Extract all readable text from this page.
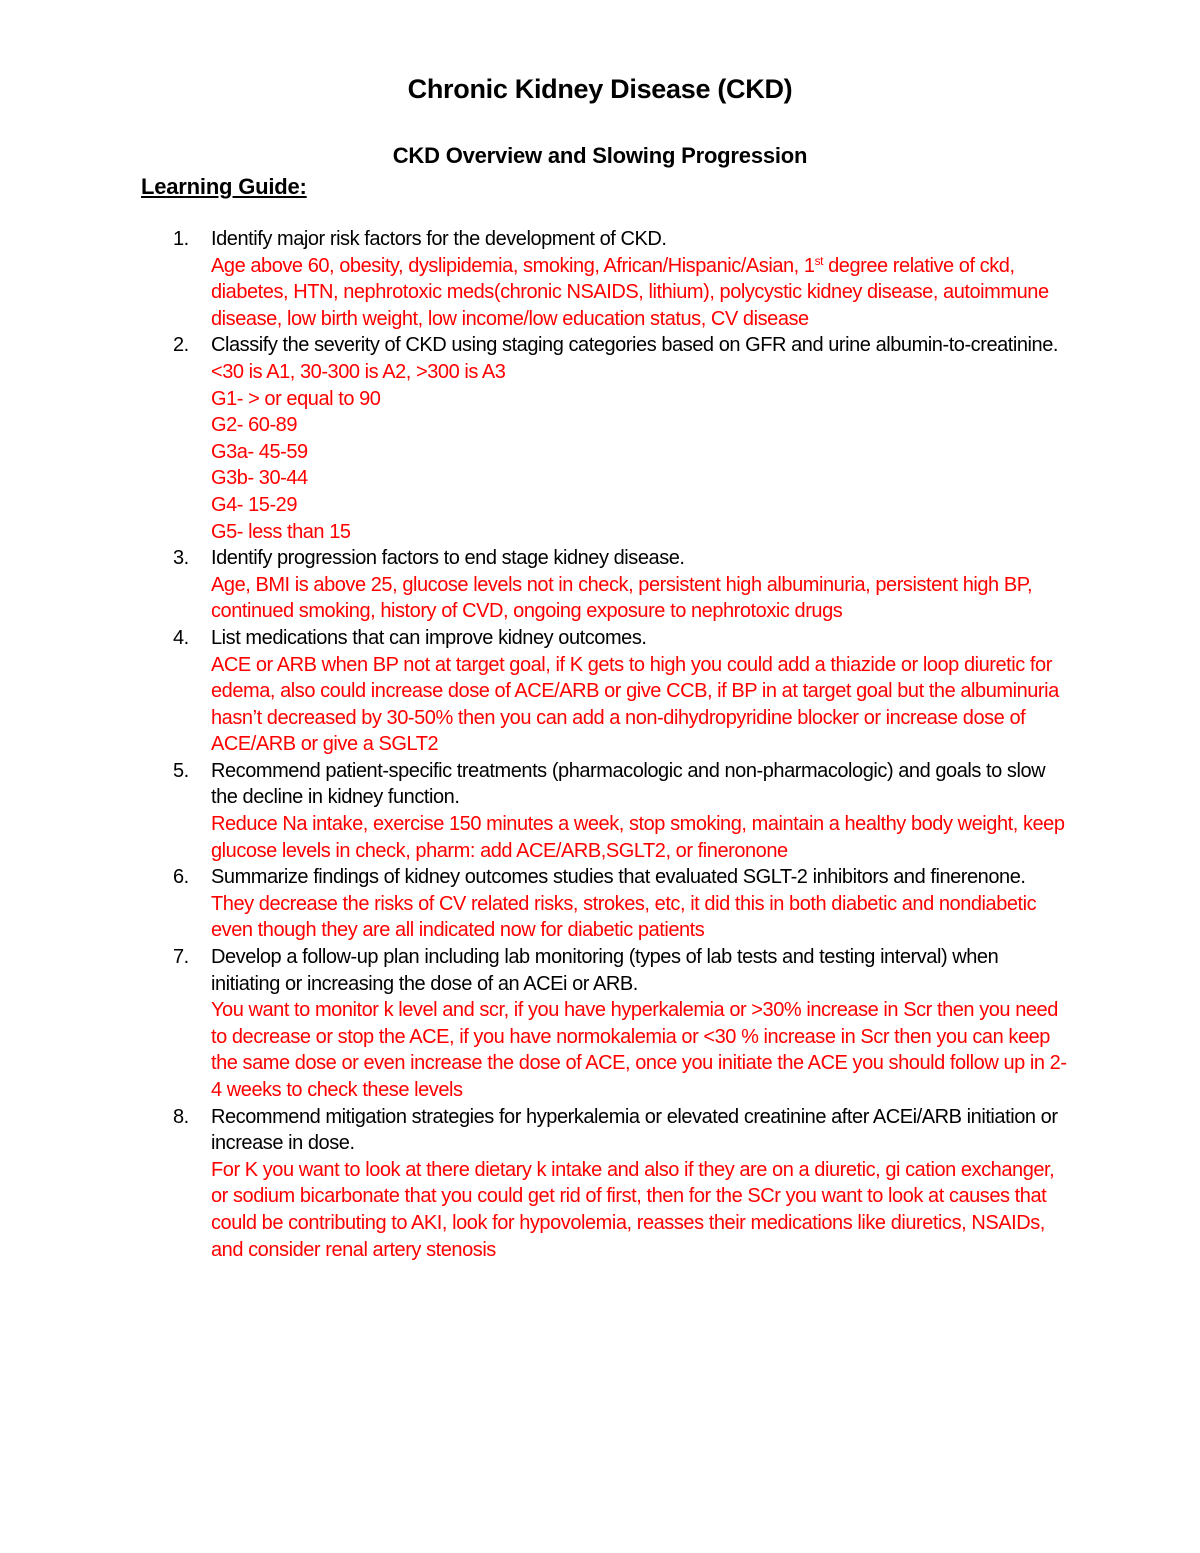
Chronic Kidney Disease (CKD)
CKD Overview and Slowing Progression
Learning Guide:
1. Identify major risk factors for the development of CKD.
Age above 60, obesity, dyslipidemia, smoking, African/Hispanic/Asian, 1st degree relative of ckd, diabetes, HTN, nephrotoxic meds(chronic NSAIDS, lithium), polycystic kidney disease, autoimmune disease, low birth weight, low income/low education status, CV disease
2. Classify the severity of CKD using staging categories based on GFR and urine albumin-to-creatinine. <30 is A1, 30-300 is A2, >300 is A3
G1- > or equal to 90
G2- 60-89
G3a- 45-59
G3b- 30-44
G4- 15-29
G5- less than 15
3. Identify progression factors to end stage kidney disease.
Age, BMI is above 25, glucose levels not in check, persistent high albuminuria, persistent high BP, continued smoking, history of CVD, ongoing exposure to nephrotoxic drugs
4. List medications that can improve kidney outcomes.
ACE or ARB when BP not at target goal, if K gets to high you could add a thiazide or loop diuretic for edema, also could increase dose of ACE/ARB or give CCB, if BP in at target goal but the albuminuria hasn’t decreased by 30-50% then you can add a non-dihydropyridine blocker or increase dose of ACE/ARB or give a SGLT2
5. Recommend patient-specific treatments (pharmacologic and non-pharmacologic) and goals to slow the decline in kidney function.
Reduce Na intake, exercise 150 minutes a week, stop smoking, maintain a healthy body weight, keep glucose levels in check, pharm: add ACE/ARB,SGLT2, or fineronone
6. Summarize findings of kidney outcomes studies that evaluated SGLT-2 inhibitors and finerenone.
They decrease the risks of CV related risks, strokes, etc, it did this in both diabetic and nondiabetic even though they are all indicated now for diabetic patients
7. Develop a follow-up plan including lab monitoring (types of lab tests and testing interval) when initiating or increasing the dose of an ACEi or ARB.
You want to monitor k level and scr, if you have hyperkalemia or >30% increase in Scr then you need to decrease or stop the ACE, if you have normokalemia or <30 % increase in Scr then you can keep the same dose or even increase the dose of ACE, once you initiate the ACE you should follow up in 2-4 weeks to check these levels
8. Recommend mitigation strategies for hyperkalemia or elevated creatinine after ACEi/ARB initiation or increase in dose.
For K you want to look at there dietary k intake and also if they are on a diuretic, gi cation exchanger, or sodium bicarbonate that you could get rid of first, then for the SCr you want to look at causes that could be contributing to AKI, look for hypovolemia, reasses their medications like diuretics, NSAIDs, and consider renal artery stenosis
